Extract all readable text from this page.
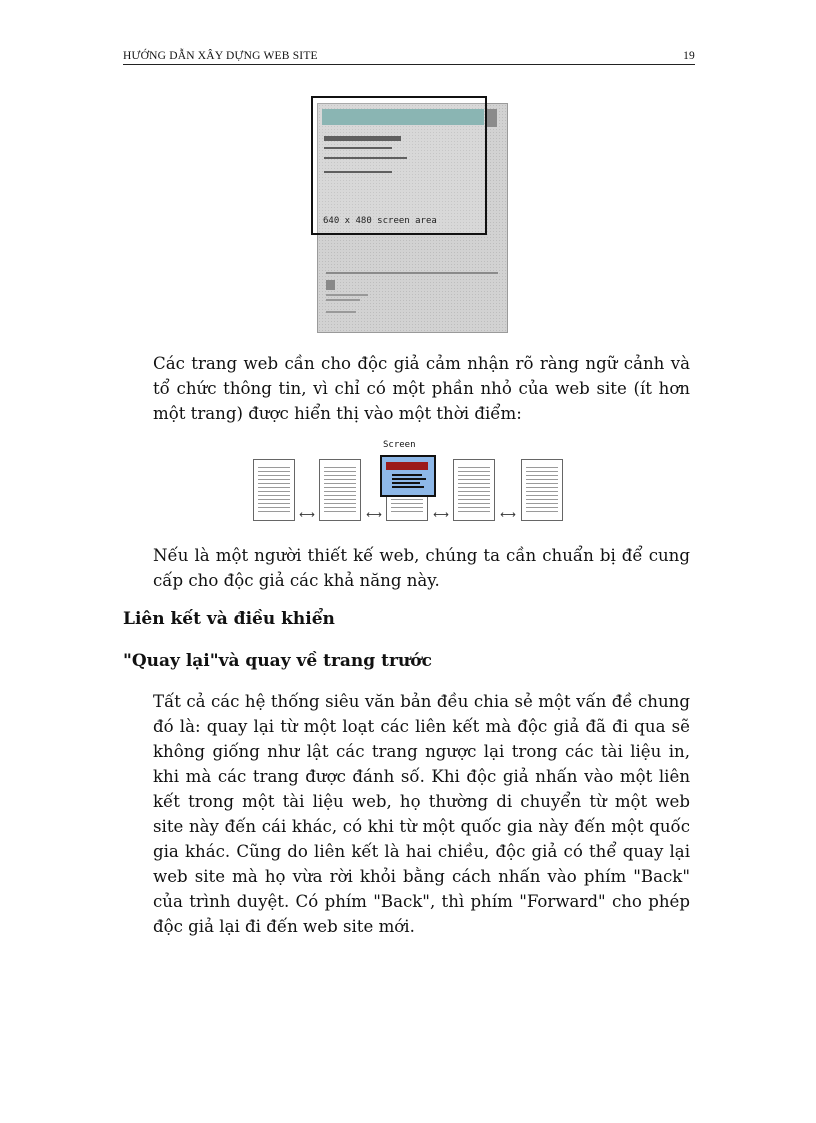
HƯỚNG DẪN XÂY DỰNG WEB SITE	19
640 x 480 screen area

Các trang web cần cho độc giả cảm nhận rõ ràng ngữ cảnh và tổ chức thông tin, vì chỉ có một phần nhỏ của web site (ít hơn một trang) được hiển thị vào một thời điểm:

⟷	⟷
Screen
⟷	⟷

Nếu là một người thiết kế web, chúng ta cần chuẩn bị để cung cấp cho độc giả các khả năng này.

Liên kết và điều khiển
"Quay lại"và quay về trang trước

Tất cả các hệ thống siêu văn bản đều chia sẻ một vấn đề chung đó là: quay lại từ một loạt các liên kết mà độc giả đã đi qua sẽ không giống như lật các trang ngược lại trong các tài liệu in, khi mà các trang được đánh số. Khi độc giả nhấn vào một liên kết trong một tài liệu web, họ thường di chuyển từ một web site này đến cái khác, có khi từ một quốc gia này đến một quốc gia khác. Cũng do liên kết là hai chiều, độc giả có thể quay lại web site mà họ vừa rời khỏi bằng cách nhấn vào phím "Back" của trình duyệt. Có phím "Back", thì phím "Forward" cho phép độc giả lại đi đến web site mới.
